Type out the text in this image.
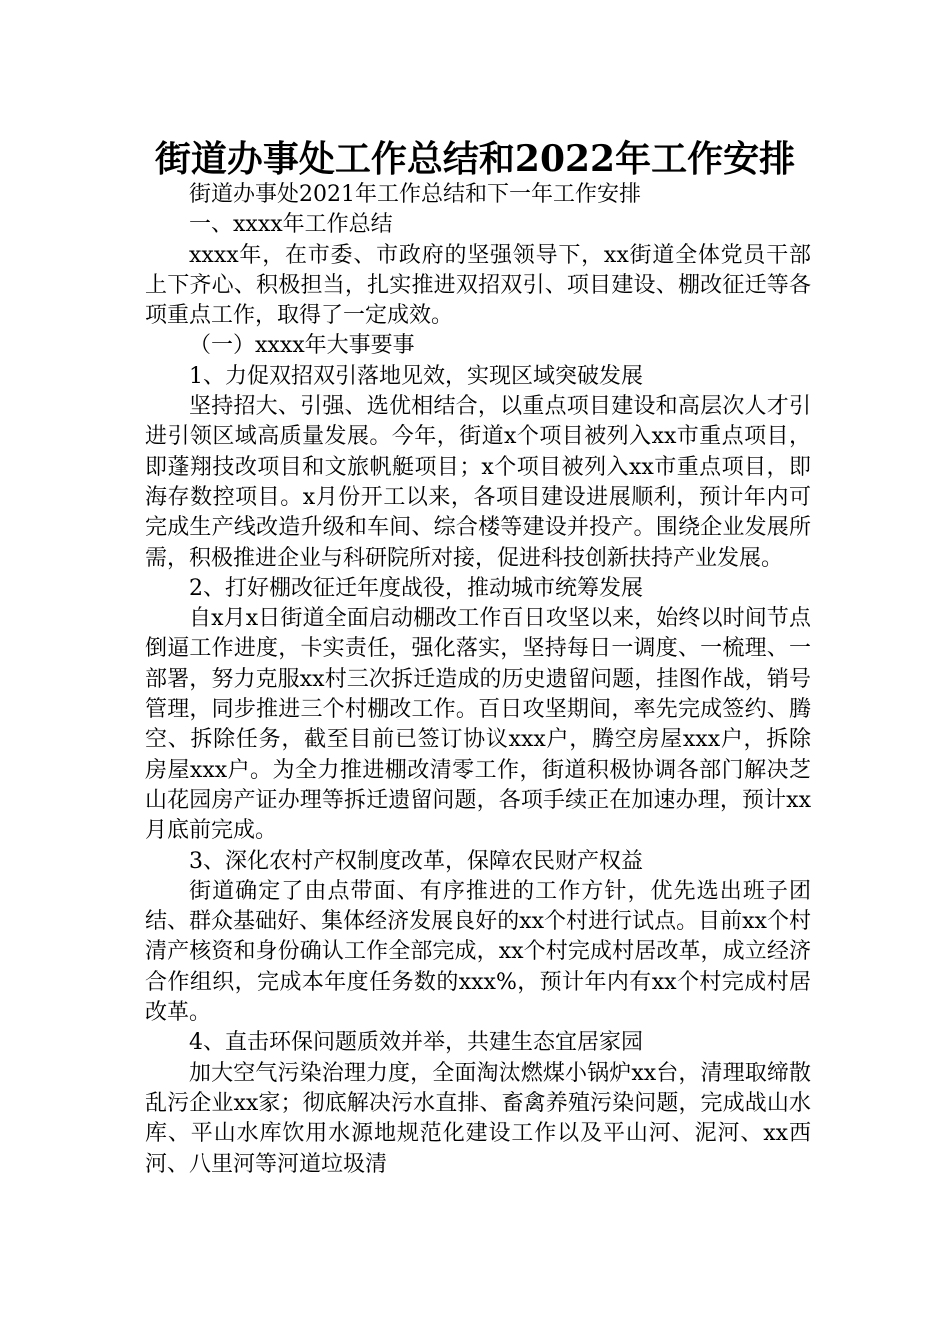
街道办事处工作总结和2022年工作安排

街道办事处2021年工作总结和下一年工作安排

一、xxxx年工作总结

xxxx年，在市委、市政府的坚强领导下，xx街道全体党员干部上下齐心、积极担当，扎实推进双招双引、项目建设、棚改征迁等各项重点工作，取得了一定成效。

（一）xxxx年大事要事

1、力促双招双引落地见效，实现区域突破发展

坚持招大、引强、选优相结合，以重点项目建设和高层次人才引进引领区域高质量发展。今年，街道x个项目被列入xx市重点项目，即蓬翔技改项目和文旅帆艇项目；x个项目被列入xx市重点项目，即海存数控项目。x月份开工以来，各项目建设进展顺利，预计年内可完成生产线改造升级和车间、综合楼等建设并投产。围绕企业发展所需，积极推进企业与科研院所对接，促进科技创新扶持产业发展。

2、打好棚改征迁年度战役，推动城市统筹发展

自x月x日街道全面启动棚改工作百日攻坚以来，始终以时间节点倒逼工作进度，卡实责任，强化落实，坚持每日一调度、一梳理、一部署，努力克服xx村三次拆迁造成的历史遗留问题，挂图作战，销号管理，同步推进三个村棚改工作。百日攻坚期间，率先完成签约、腾空、拆除任务，截至目前已签订协议xxx户，腾空房屋xxx户，拆除房屋xxx户。为全力推进棚改清零工作，街道积极协调各部门解决芝山花园房产证办理等拆迁遗留问题，各项手续正在加速办理，预计xx月底前完成。

3、深化农村产权制度改革，保障农民财产权益

街道确定了由点带面、有序推进的工作方针，优先选出班子团结、群众基础好、集体经济发展良好的xx个村进行试点。目前xx个村清产核资和身份确认工作全部完成，xx个村完成村居改革，成立经济合作组织，完成本年度任务数的xxx%，预计年内有xx个村完成村居改革。

4、直击环保问题质效并举，共建生态宜居家园

加大空气污染治理力度，全面淘汰燃煤小锅炉xx台，清理取缔散乱污企业xx家；彻底解决污水直排、畜禽养殖污染问题，完成战山水库、平山水库饮用水源地规范化建设工作以及平山河、泥河、xx西河、八里河等河道垃圾清
